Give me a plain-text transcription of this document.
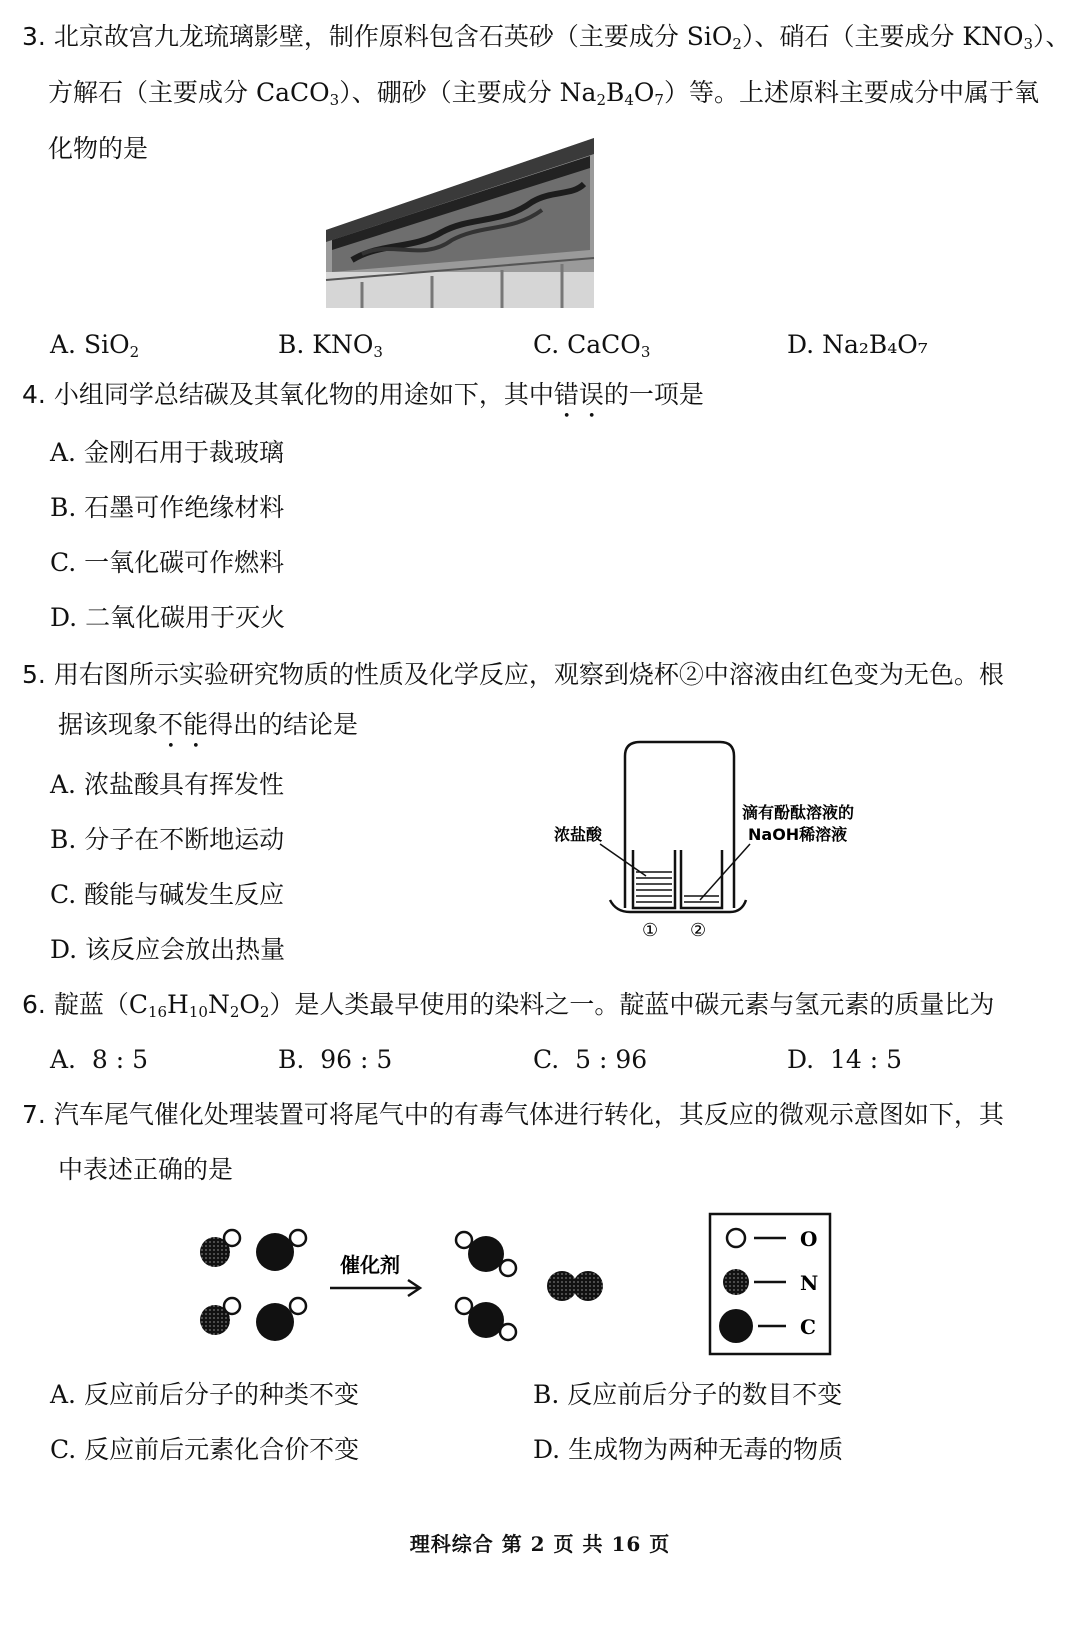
3. 北京故宫九龙琉璃影壁，制作原料包含石英砂（主要成分 SiO$_2$）、硝石（主要成分 $KNO_3$）、
方解石（主要成分 CaCO$_3$）、硼砂（主要成分 $Na_2B_4O_7$）等。上述原料主要成分中属于氧
化物的是
A. SiO$_2$	B. $KNO_3$	C. CaCO$_3$	D. Na₂B₄O₇
4. 小组同学总结碳及其氧化物的用途如下，其中错误的一项是
A. 金刚石用于裁玻璃
B. 石墨可作绝缘材料
C. 一氧化碳可作燃料
D. 二氧化碳用于灭火
5. 用右图所示实验研究物质的性质及化学反应，观察到烧杯②中溶液由红色变为无色。根
据该现象不能得出的结论是
A. 浓盐酸具有挥发性
B. 分子在不断地运动
C. 酸能与碱发生反应
D. 该反应会放出热量
浓盐酸
滴有酚酞溶液的
NaOH稀溶液
① ②
6. 靛蓝$(C_{16}H_{10}N_2O_2)$是人类最早使用的染料之一。靛蓝中碳元素与氢元素的质量比为
A. 8 : 5	B. 96 : 5	C. 5 : 96	D. 14 : 5
7. 汽车尾气催化处理装置可将尾气中的有毒气体进行转化，其反应的微观示意图如下，其
中表述正确的是
催化剂
O
N
C
A. 反应前后分子的种类不变	B. 反应前后分子的数目不变
C. 反应前后元素化合价不变	D. 生成物为两种无毒的物质
理科综合 第 2 页 共 16 页
